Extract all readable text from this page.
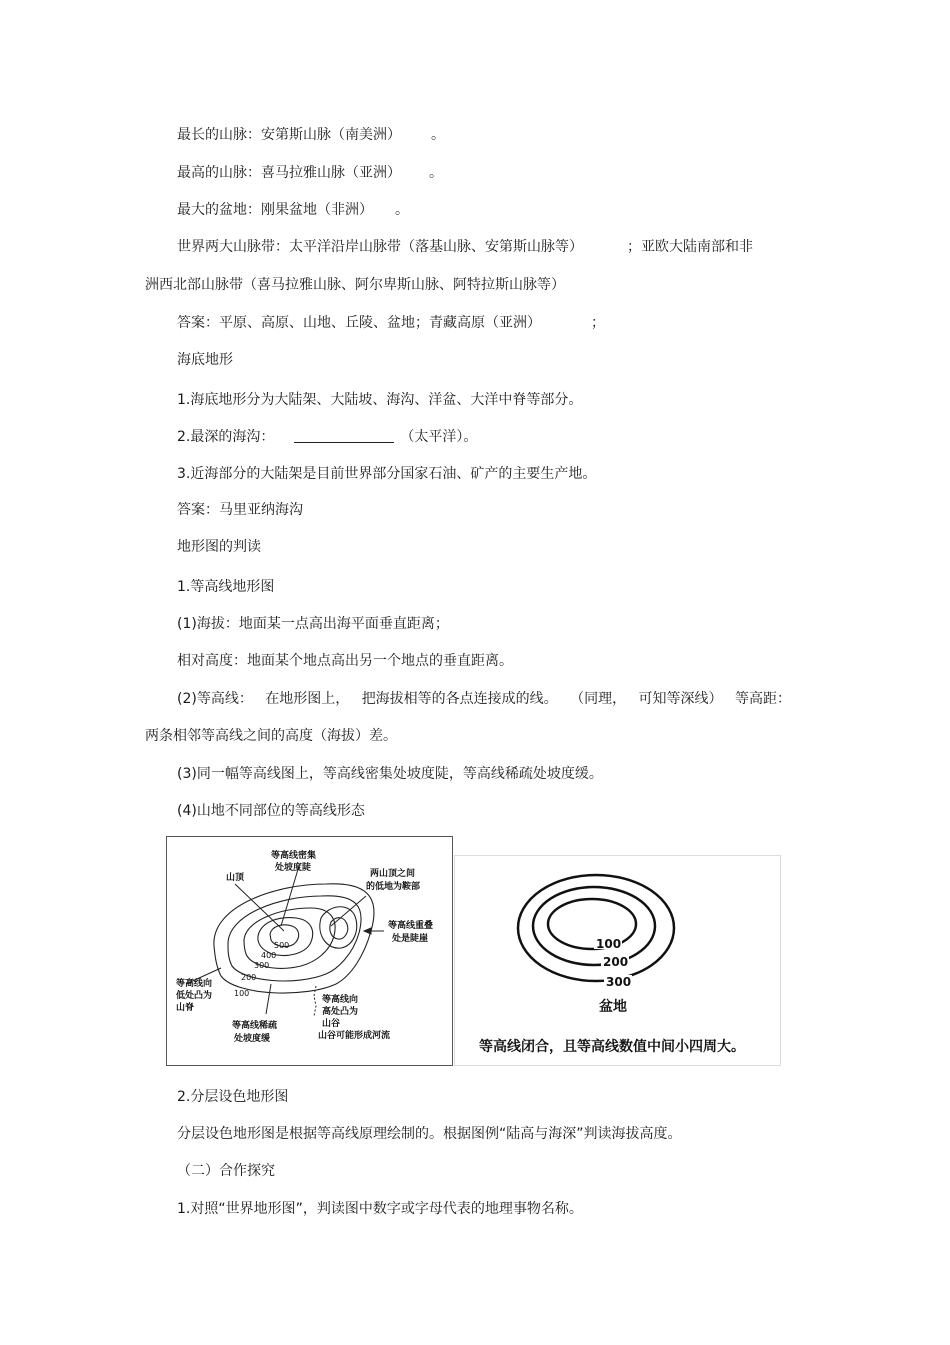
最长的山脉：安第斯山脉（南美洲） 。
最高的山脉：喜马拉雅山脉（亚洲） 。
最大的盆地：刚果盆地（非洲） 。
世界两大山脉带：太平洋沿岸山脉带（落基山脉、安第斯山脉等）	；亚欧大陆南部和非
洲西北部山脉带（喜马拉雅山脉、阿尔卑斯山脉、阿特拉斯山脉等）
答案：平原、高原、山地、丘陵、盆地；青藏高原（亚洲）	；
海底地形
1.海底地形分为大陆架、大陆坡、海沟、洋盆、大洋中脊等部分。
2.最深的海沟：	（太平洋）。
3.近海部分的大陆架是目前世界部分国家石油、矿产的主要生产地。
答案：马里亚纳海沟
地形图的判读
1.等高线地形图
(1)海拔：地面某一点高出海平面垂直距离；
相对高度：地面某个地点高出另一个地点的垂直距离。
(2)等高线： 在地形图上， 把海拔相等的各点连接成的线。 （同理， 可知等深线） 等高距：
两条相邻等高线之间的高度（海拔）差。
(3)同一幅等高线图上，等高线密集处坡度陡，等高线稀疏处坡度缓。
(4)山地不同部位的等高线形态
等高线密集
处坡度陡
山顶	两山顶之间
的低地为鞍部
等高线重叠
处是陡崖
等高线向
低处凸为
山脊
等高线稀疏
处坡度缓
等高线向
高处凸为
山谷
山谷可能形成河流
500
400
300
200
100
100
200
300
盆地
等高线闭合，且等高线数值中间小四周大。
2.分层设色地形图
分层设色地形图是根据等高线原理绘制的。根据图例“陆高与海深”判读海拔高度。
（二）合作探究
1.对照“世界地形图”，判读图中数字或字母代表的地理事物名称。
